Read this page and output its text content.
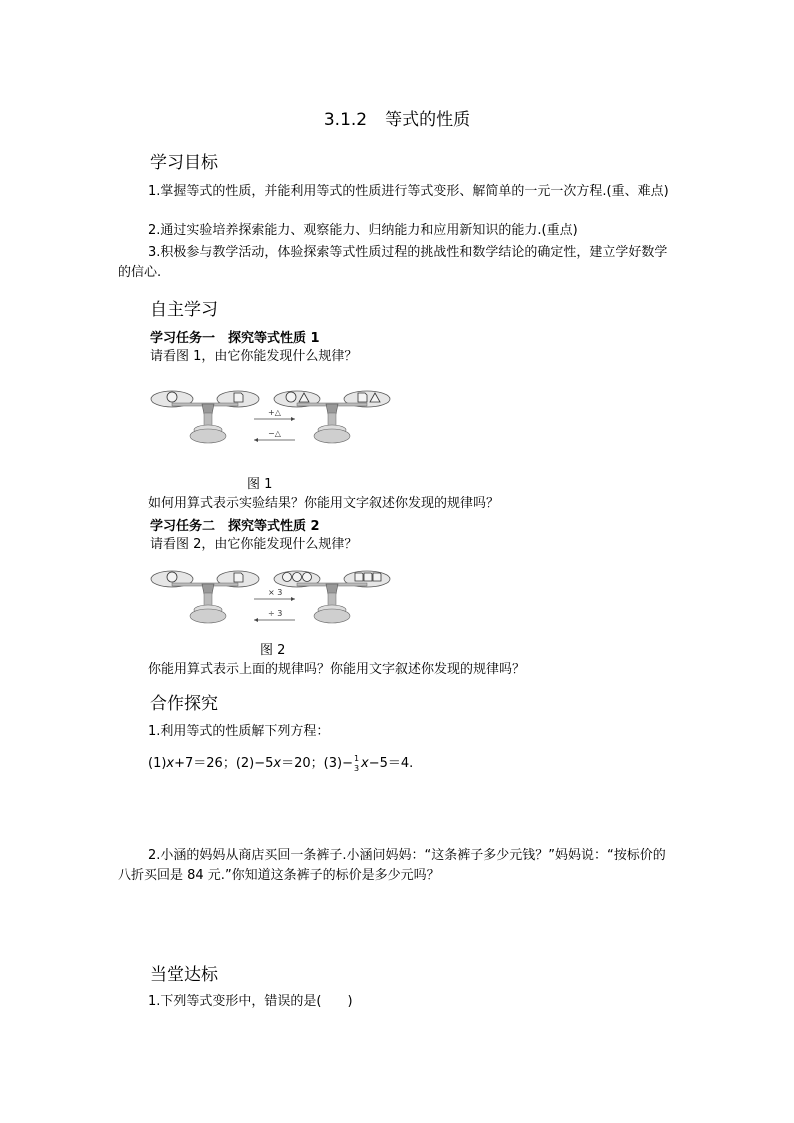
3.1.2 等式的性质
学习目标
1.掌握等式的性质，并能利用等式的性质进行等式变形、解简单的一元一次方程.(重、难点)
2.通过实验培养探索能力、观察能力、归纳能力和应用新知识的能力.(重点)
3.积极参与教学活动，体验探索等式性质过程的挑战性和数学结论的确定性，建立学好数学的信心.
自主学习
学习任务一　探究等式性质 1
请看图 1，由它你能发现什么规律？
+△
−△
图 1
如何用算式表示实验结果？你能用文字叙述你发现的规律吗？
学习任务二　探究等式性质 2
请看图 2，由它你能发现什么规律？
× 3
÷ 3
图 2
你能用算式表示上面的规律吗？你能用文字叙述你发现的规律吗？
合作探究
1.利用等式的性质解下列方程：
(1)x+7＝26；(2)−5x＝20；(3)− 1
3 x−5＝4.
2.小涵的妈妈从商店买回一条裤子.小涵问妈妈：“这条裤子多少元钱？”妈妈说：“按标价的八折买回是 84 元.”你知道这条裤子的标价是多少元吗？
当堂达标
1.下列等式变形中，错误的是(　　)
